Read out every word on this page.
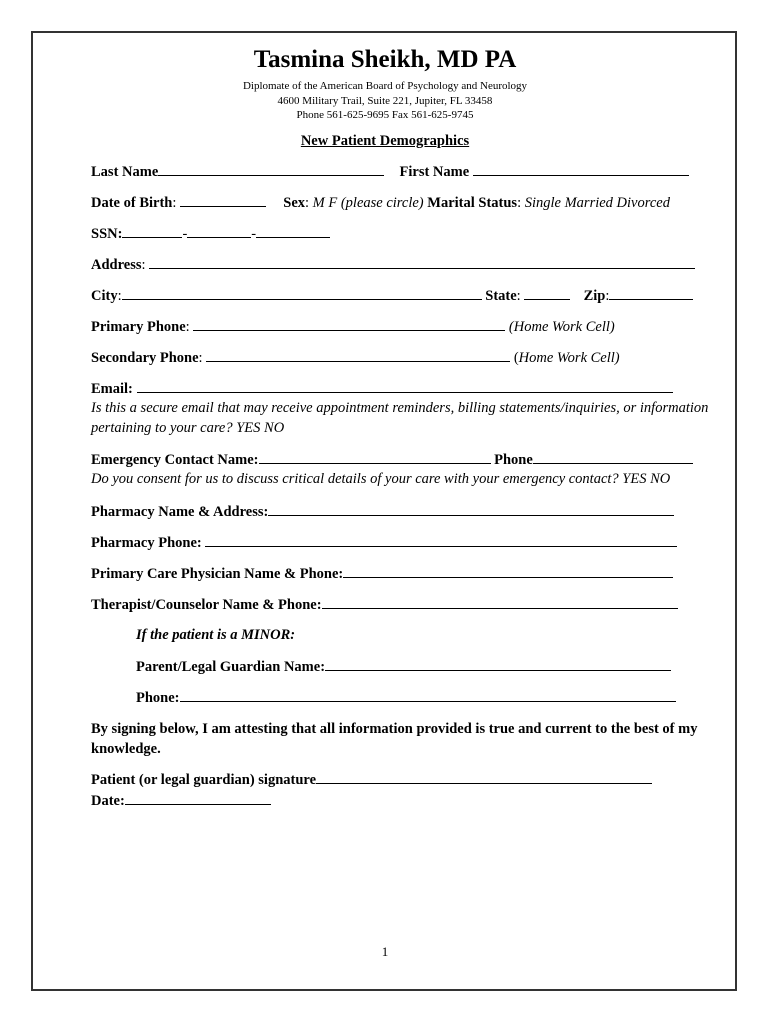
Tasmina Sheikh, MD PA
Diplomate of the American Board of Psychology and Neurology
4600 Military Trail, Suite 221, Jupiter, FL 33458
Phone 561-625-9695 Fax 561-625-9745
New Patient Demographics
Last Name	First Name
Date of Birth:	Sex: M F (please circle) Marital Status: Single Married Divorced
SSN:	-	-
Address:
City:	State:	Zip:
Primary Phone:	(Home Work Cell)
Secondary Phone:	(Home Work Cell)
Email:
Is this a secure email that may receive appointment reminders, billing statements/inquiries, or information pertaining to your care? YES NO
Emergency Contact Name:	Phone
Do you consent for us to discuss critical details of your care with your emergency contact? YES NO
Pharmacy Name & Address:
Pharmacy Phone:
Primary Care Physician Name & Phone:
Therapist/Counselor Name & Phone:
If the patient is a MINOR:
Parent/Legal Guardian Name:
Phone:
By signing below, I am attesting that all information provided is true and current to the best of my knowledge.
Patient (or legal guardian) signature
Date:
1
